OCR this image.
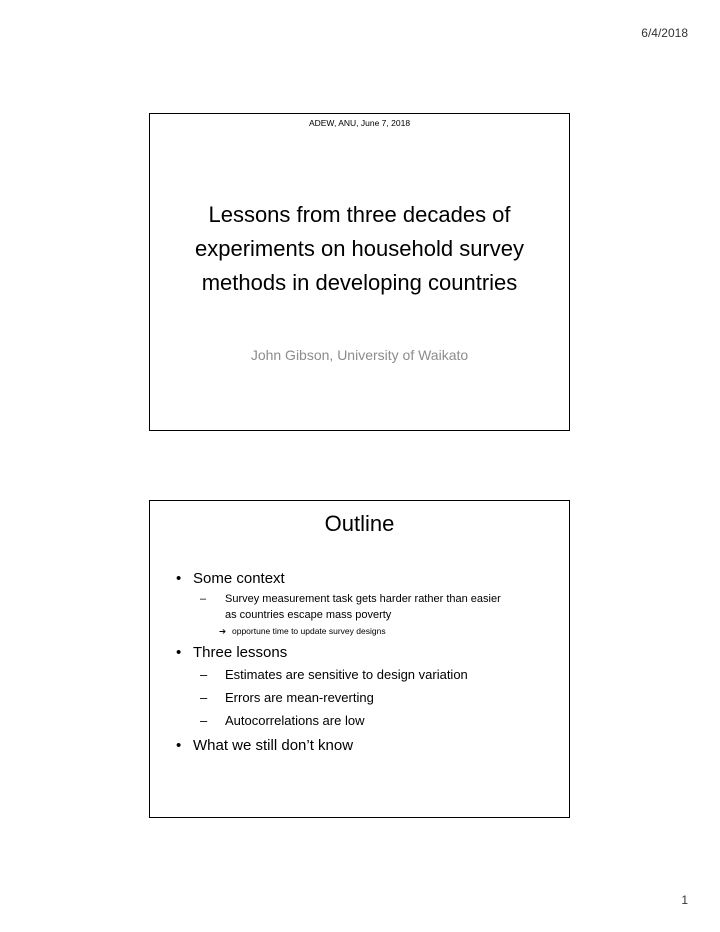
6/4/2018
ADEW, ANU, June 7, 2018
Lessons from three decades of
experiments on household survey
methods in developing countries
John Gibson, University of Waikato
Outline
• Some context
– Survey measurement task gets harder rather than easier
as countries escape mass poverty
➔ opportune time to update survey designs
• Three lessons
– Estimates are sensitive to design variation
– Errors are mean-reverting
– Autocorrelations are low
• What we still don’t know
1
